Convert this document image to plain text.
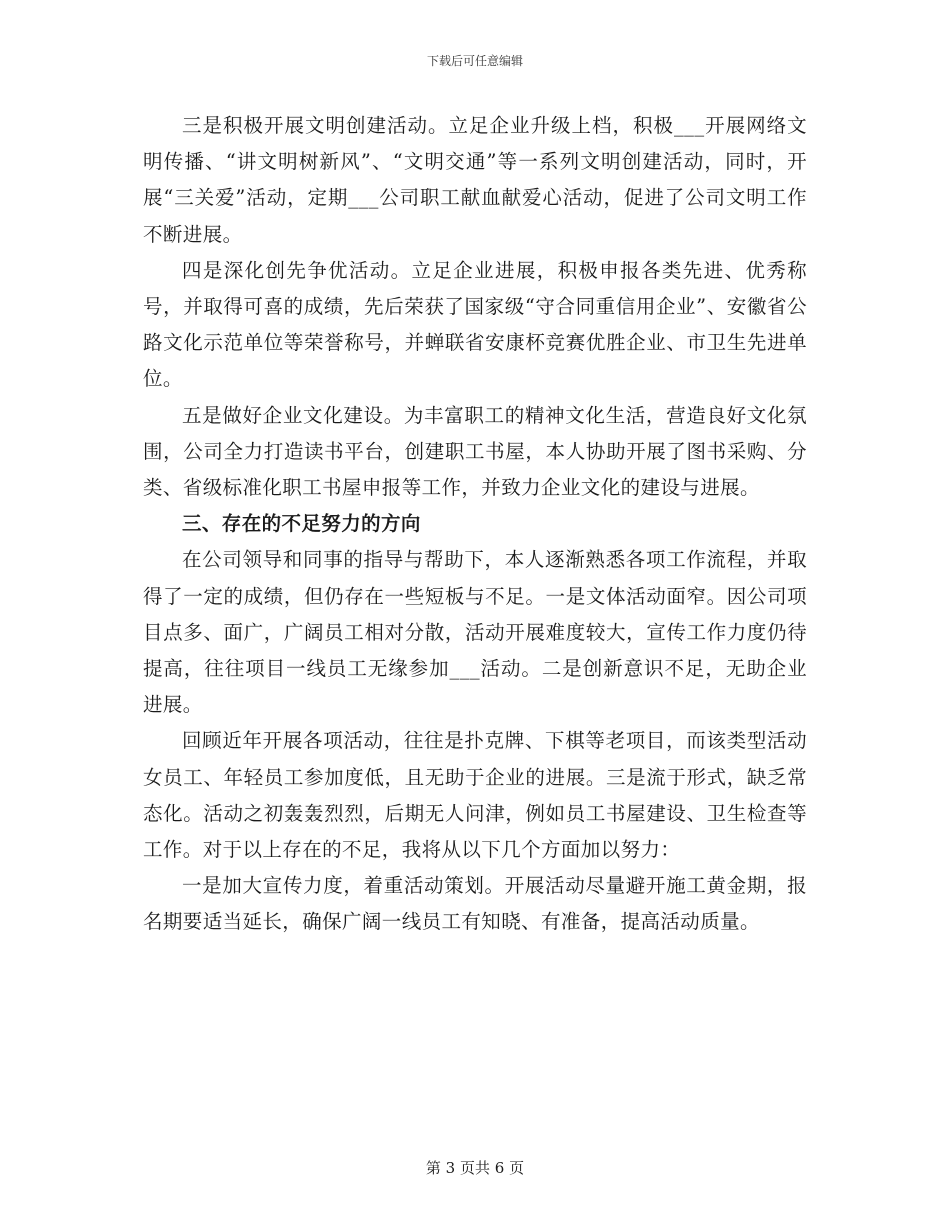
下载后可任意编辑

三是积极开展文明创建活动。立足企业升级上档，积极___开展网络文明传播、“讲文明树新风”、“文明交通”等一系列文明创建活动，同时，开展“三关爱”活动，定期___公司职工献血献爱心活动，促进了公司文明工作不断进展。

四是深化创先争优活动。立足企业进展，积极申报各类先进、优秀称号，并取得可喜的成绩，先后荣获了国家级“守合同重信用企业”、安徽省公路文化示范单位等荣誉称号，并蝉联省安康杯竞赛优胜企业、市卫生先进单位。

五是做好企业文化建设。为丰富职工的精神文化生活，营造良好文化氛围，公司全力打造读书平台，创建职工书屋，本人协助开展了图书采购、分类、省级标准化职工书屋申报等工作，并致力企业文化的建设与进展。

三、存在的不足努力的方向

在公司领导和同事的指导与帮助下，本人逐渐熟悉各项工作流程，并取得了一定的成绩，但仍存在一些短板与不足。一是文体活动面窄。因公司项目点多、面广，广阔员工相对分散，活动开展难度较大，宣传工作力度仍待提高，往往项目一线员工无缘参加___活动。二是创新意识不足，无助企业进展。

回顾近年开展各项活动，往往是扑克牌、下棋等老项目，而该类型活动女员工、年轻员工参加度低，且无助于企业的进展。三是流于形式，缺乏常态化。活动之初轰轰烈烈，后期无人问津，例如员工书屋建设、卫生检查等工作。对于以上存在的不足，我将从以下几个方面加以努力：

一是加大宣传力度，着重活动策划。开展活动尽量避开施工黄金期，报名期要适当延长，确保广阔一线员工有知晓、有准备，提高活动质量。

第 3 页共 6 页
